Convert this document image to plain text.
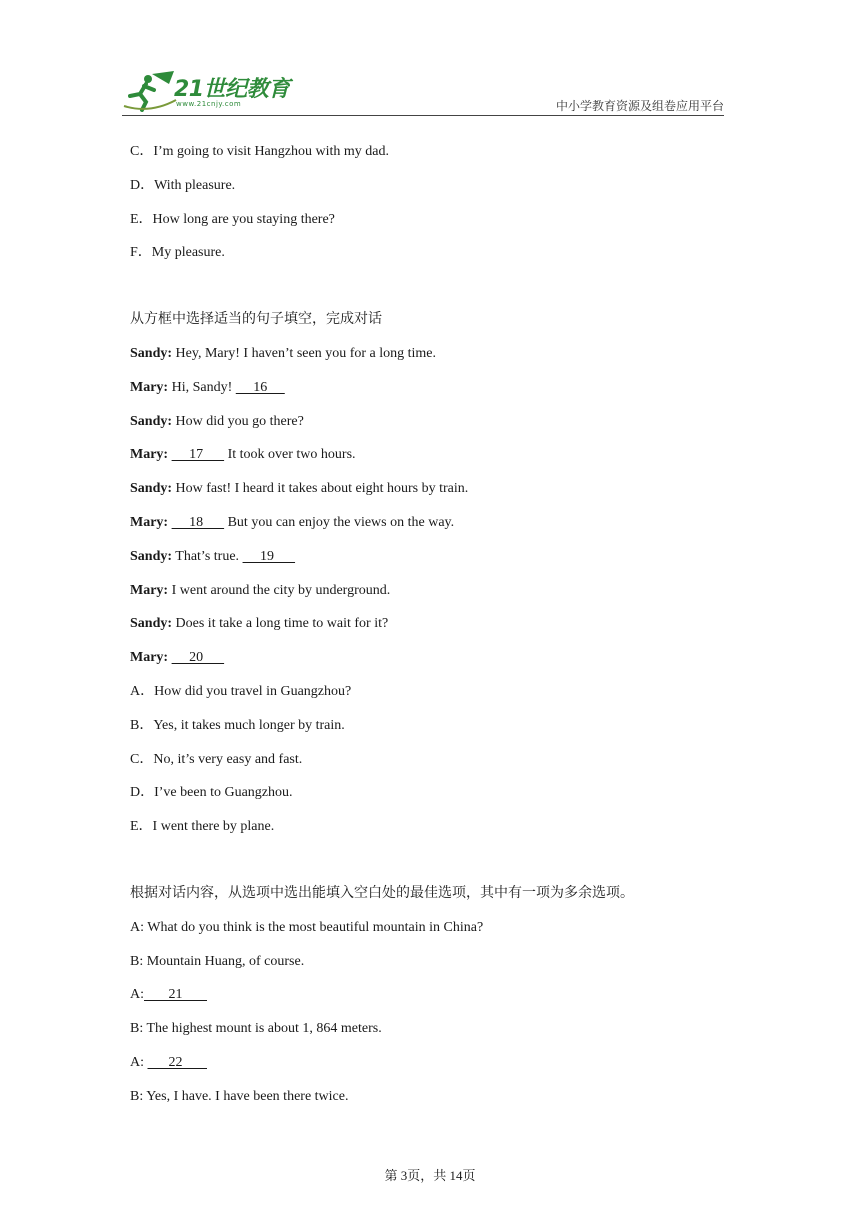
21世纪教育
www.21cnjy.com	中小学教育资源及组卷应用平台
C．I’m going to visit Hangzhou with my dad.
D．With pleasure.
E．How long are you staying there?
F．My pleasure.
从方框中选择适当的句子填空，完成对话
Sandy: Hey, Mary! I haven’t seen you for a long time.
Mary: Hi, Sandy!      16
Sandy: How did you go there?
Mary:      17       It took over two hours.
Sandy: How fast! I heard it takes about eight hours by train.
Mary:      18       But you can enjoy the views on the way.
Sandy: That’s true.      19
Mary: I went around the city by underground.
Sandy: Does it take a long time to wait for it?
Mary:      20
A．How did you travel in Guangzhou?
B．Yes, it takes much longer by train.
C．No, it’s very easy and fast.
D．I’ve been to Guangzhou.
E．I went there by plane.
根据对话内容，从选项中选出能填入空白处的最佳选项，其中有一项为多余选项。
A: What do you think is the most beautiful mountain in China?
B: Mountain Huang, of course.
A:       21
B: The highest mount is about 1, 864 meters.
A:       22
B: Yes, I have. I have been there twice.
第 3页，共 14页
